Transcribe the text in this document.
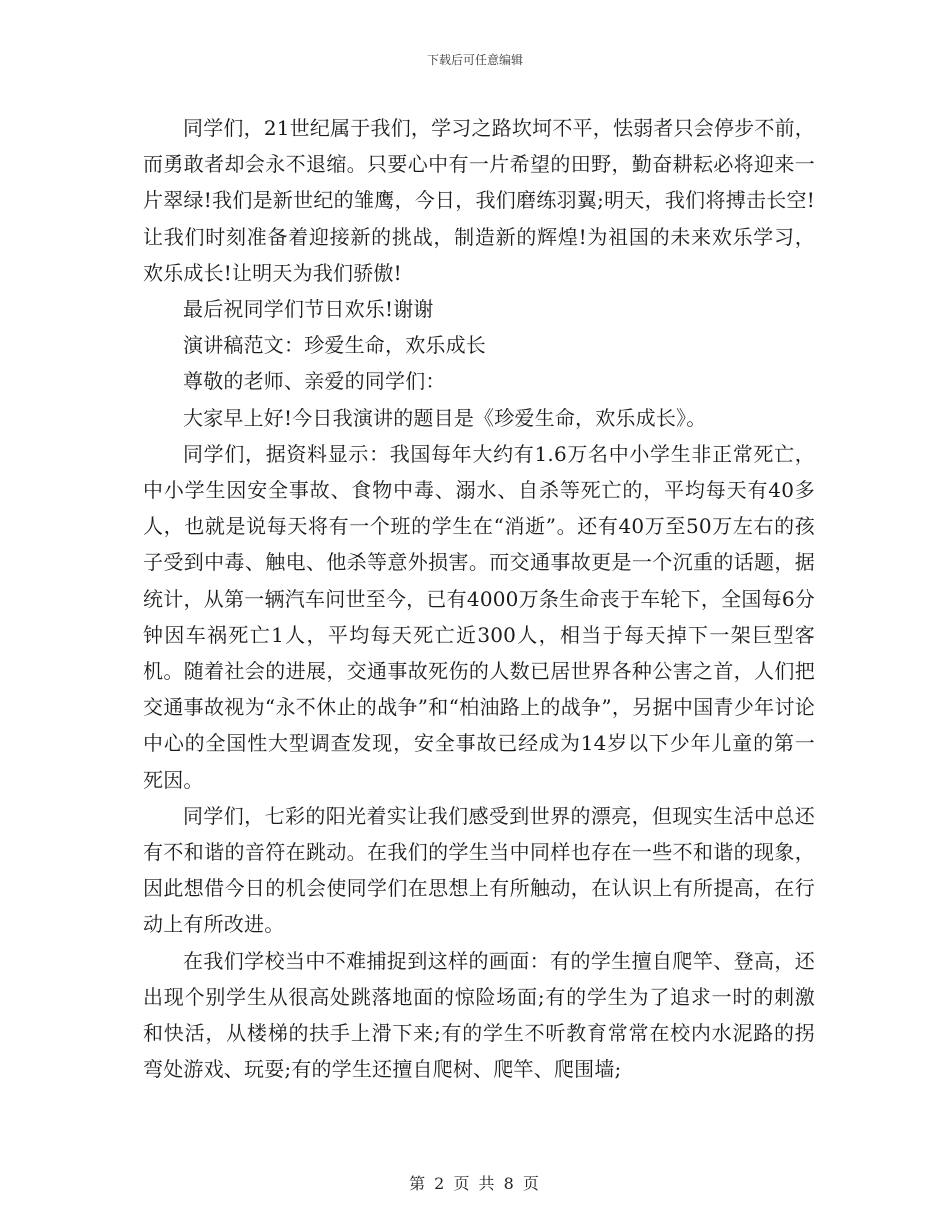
下载后可任意编辑

同学们，21世纪属于我们，学习之路坎坷不平，怯弱者只会停步不前，而勇敢者却会永不退缩。只要心中有一片希望的田野，勤奋耕耘必将迎来一片翠绿!我们是新世纪的雏鹰，今日，我们磨练羽翼;明天，我们将搏击长空!让我们时刻准备着迎接新的挑战，制造新的辉煌!为祖国的未来欢乐学习，欢乐成长!让明天为我们骄傲!

最后祝同学们节日欢乐!谢谢

演讲稿范文：珍爱生命，欢乐成长

尊敬的老师、亲爱的同学们：

大家早上好!今日我演讲的题目是《珍爱生命，欢乐成长》。

同学们，据资料显示：我国每年大约有1.6万名中小学生非正常死亡，中小学生因安全事故、食物中毒、溺水、自杀等死亡的，平均每天有40多人，也就是说每天将有一个班的学生在“消逝”。还有40万至50万左右的孩子受到中毒、触电、他杀等意外损害。而交通事故更是一个沉重的话题，据统计，从第一辆汽车问世至今，已有4000万条生命丧于车轮下，全国每6分钟因车祸死亡1人，平均每天死亡近300人，相当于每天掉下一架巨型客机。随着社会的进展，交通事故死伤的人数已居世界各种公害之首，人们把交通事故视为“永不休止的战争”和“柏油路上的战争”，另据中国青少年讨论中心的全国性大型调查发现，安全事故已经成为14岁以下少年儿童的第一死因。

同学们，七彩的阳光着实让我们感受到世界的漂亮，但现实生活中总还有不和谐的音符在跳动。在我们的学生当中同样也存在一些不和谐的现象，因此想借今日的机会使同学们在思想上有所触动，在认识上有所提高，在行动上有所改进。

在我们学校当中不难捕捉到这样的画面：有的学生擅自爬竿、登高，还出现个别学生从很高处跳落地面的惊险场面;有的学生为了追求一时的刺激和快活，从楼梯的扶手上滑下来;有的学生不听教育常常在校内水泥路的拐弯处游戏、玩耍;有的学生还擅自爬树、爬竿、爬围墙;

第 2 页 共 8 页
